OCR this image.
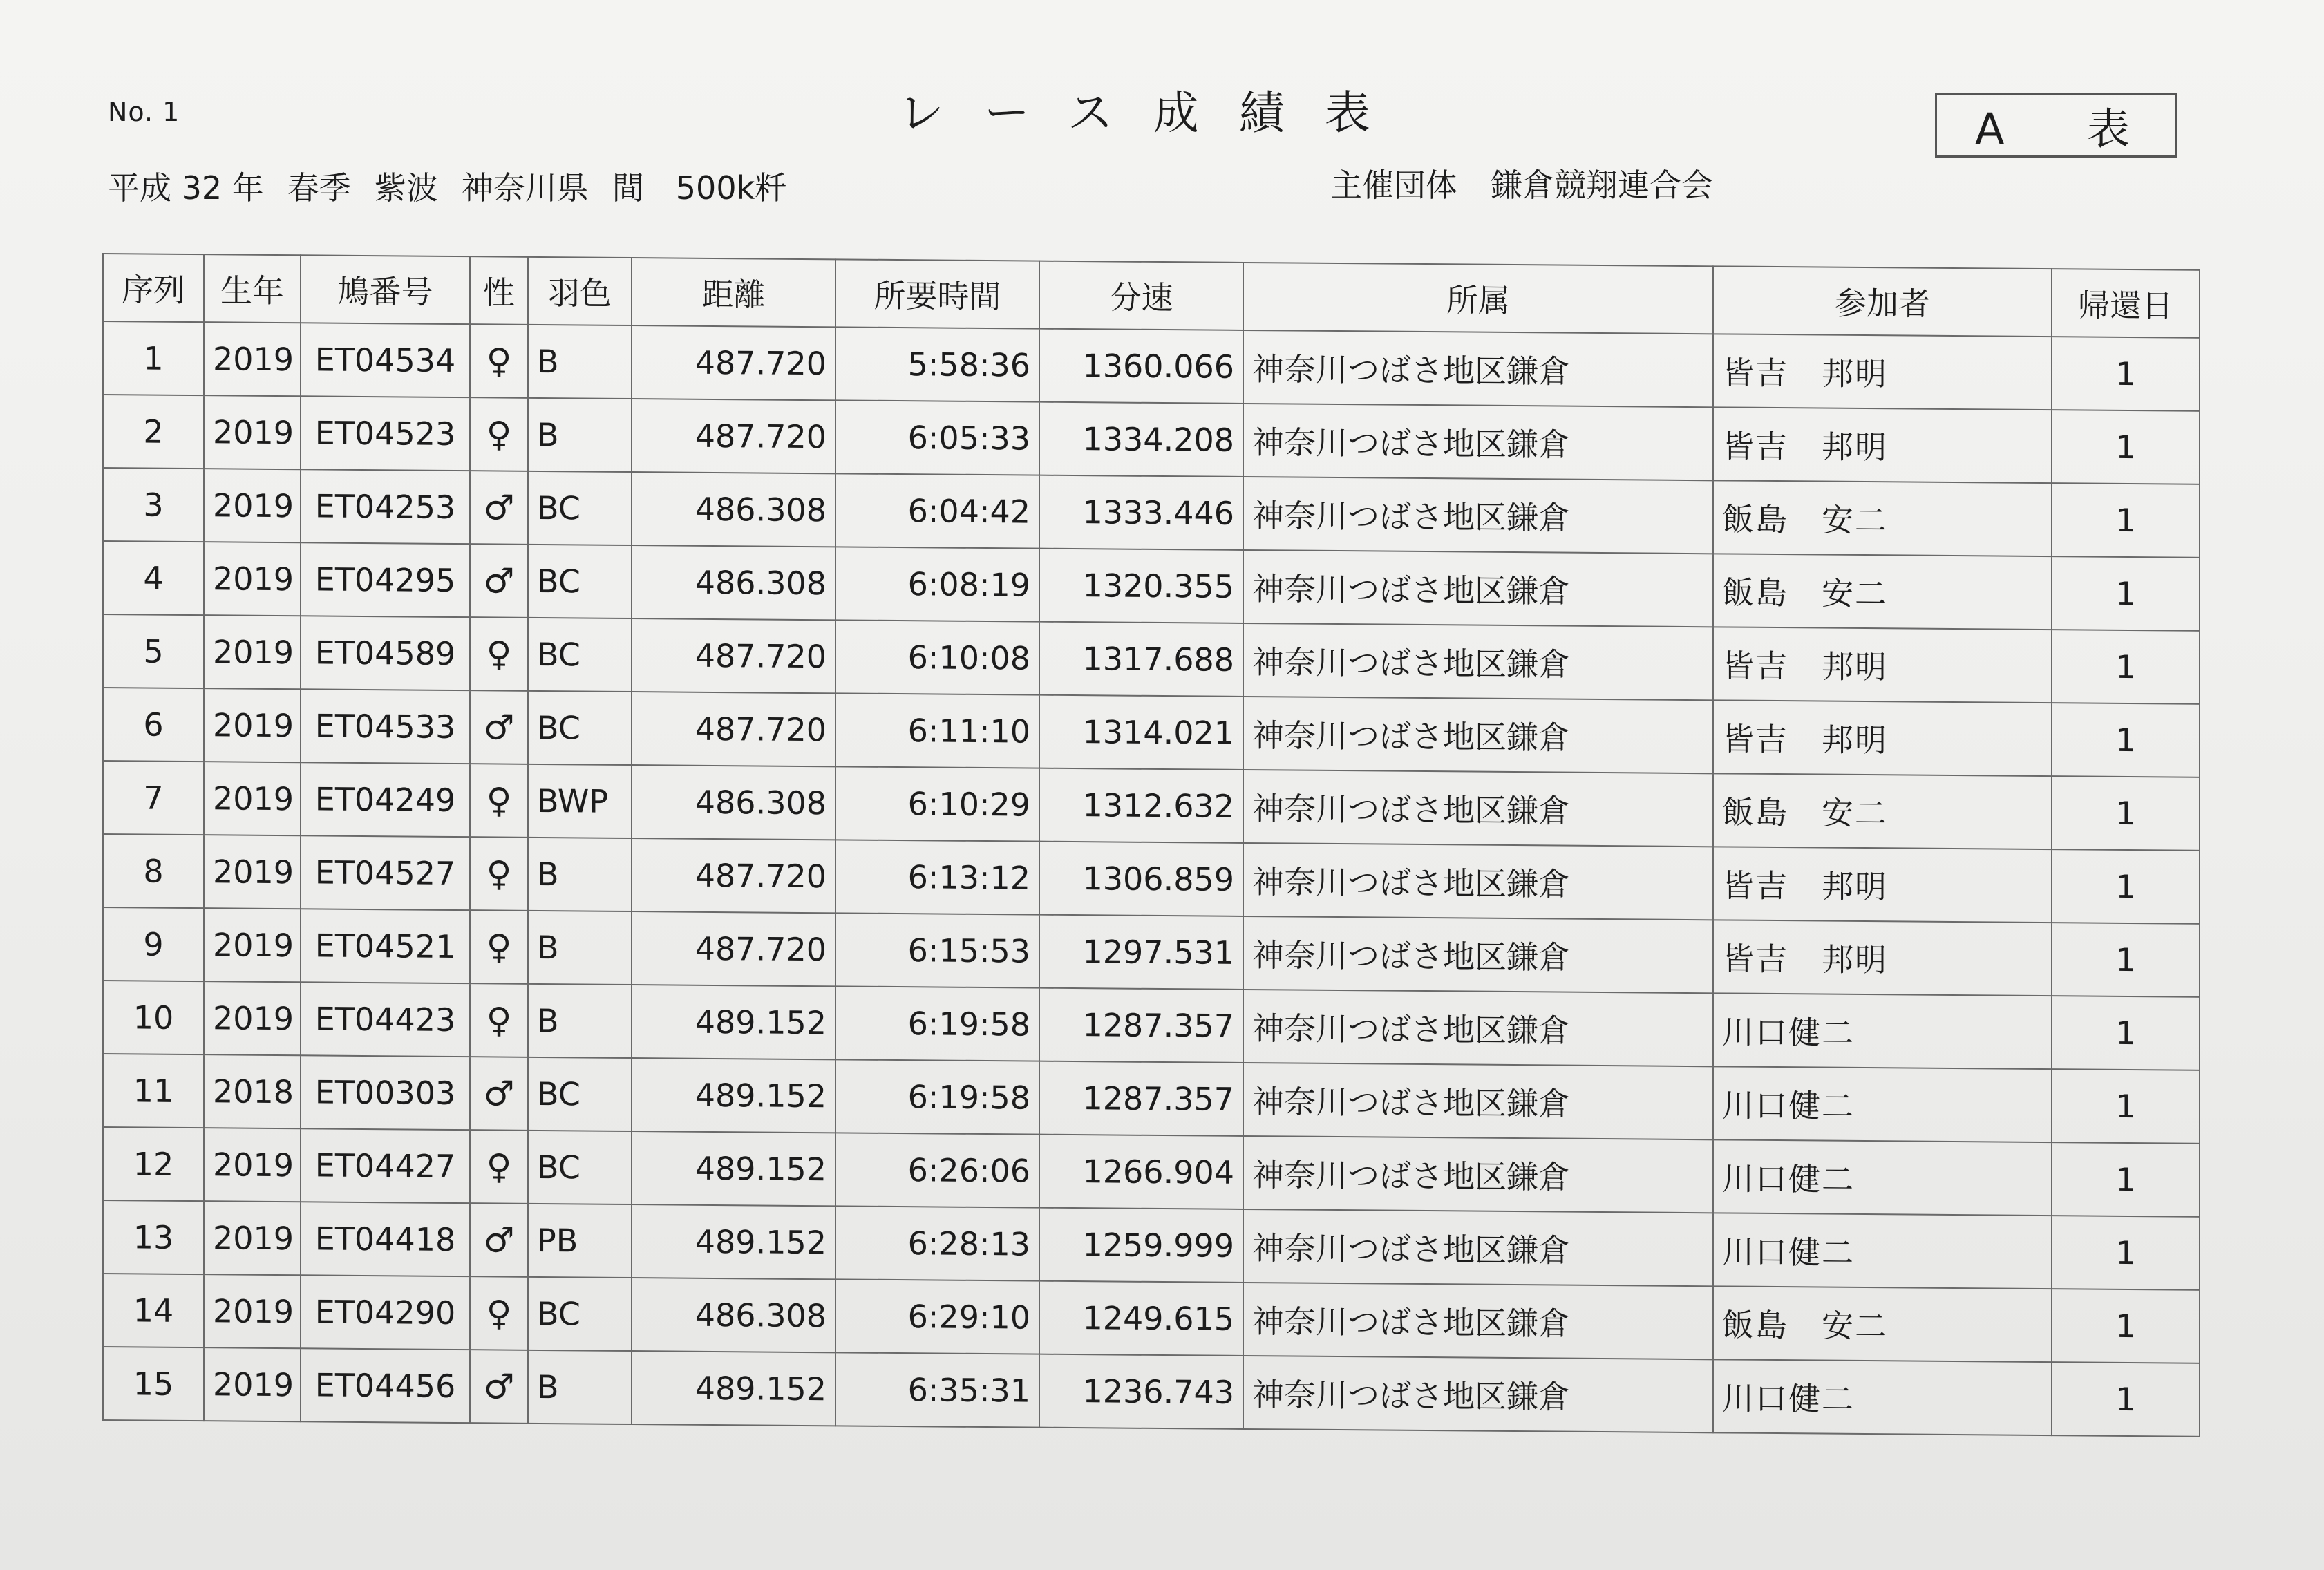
No. 1	レース成績表	A 表
平成 32 年 春季 紫波 神奈川県 間　500k粁	主催団体 鎌倉競翔連合会
序列	生年	鳩番号	性	羽色	距離	所要時間	分速	所属	参加者	帰還日
1	2019	ET04534	♀	B	487.720	5:58:36	1360.066	神奈川つばさ地区鎌倉	皆吉　邦明	1
2	2019	ET04523	♀	B	487.720	6:05:33	1334.208	神奈川つばさ地区鎌倉	皆吉　邦明	1
3	2019	ET04253	♂	BC	486.308	6:04:42	1333.446	神奈川つばさ地区鎌倉	飯島　安二	1
4	2019	ET04295	♂	BC	486.308	6:08:19	1320.355	神奈川つばさ地区鎌倉	飯島　安二	1
5	2019	ET04589	♀	BC	487.720	6:10:08	1317.688	神奈川つばさ地区鎌倉	皆吉　邦明	1
6	2019	ET04533	♂	BC	487.720	6:11:10	1314.021	神奈川つばさ地区鎌倉	皆吉　邦明	1
7	2019	ET04249	♀	BWP	486.308	6:10:29	1312.632	神奈川つばさ地区鎌倉	飯島　安二	1
8	2019	ET04527	♀	B	487.720	6:13:12	1306.859	神奈川つばさ地区鎌倉	皆吉　邦明	1
9	2019	ET04521	♀	B	487.720	6:15:53	1297.531	神奈川つばさ地区鎌倉	皆吉　邦明	1
10	2019	ET04423	♀	B	489.152	6:19:58	1287.357	神奈川つばさ地区鎌倉	川口健二	1
11	2018	ET00303	♂	BC	489.152	6:19:58	1287.357	神奈川つばさ地区鎌倉	川口健二	1
12	2019	ET04427	♀	BC	489.152	6:26:06	1266.904	神奈川つばさ地区鎌倉	川口健二	1
13	2019	ET04418	♂	PB	489.152	6:28:13	1259.999	神奈川つばさ地区鎌倉	川口健二	1
14	2019	ET04290	♀	BC	486.308	6:29:10	1249.615	神奈川つばさ地区鎌倉	飯島　安二	1
15	2019	ET04456	♂	B	489.152	6:35:31	1236.743	神奈川つばさ地区鎌倉	川口健二	1
